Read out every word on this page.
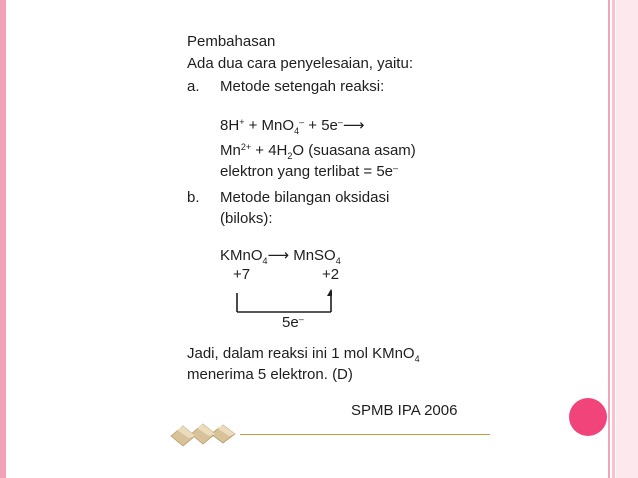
Pembahasan
Ada dua cara penyelesaian, yaitu:
a. Metode setengah reaksi:
8H+ + MnO$_4$– + 5e–⟶
$Mn^{2+} + 4H_2O$ (suasana asam)
elektron yang terlibat = 5e–
b. Metode bilangan oksidasi
(biloks):
KMnO$_4$⟶ MnSO$_4$
+7	+2
5e–
Jadi, dalam reaksi ini 1 mol KMnO$_4$
menerima 5 elektron. (D)
SPMB IPA 2006
